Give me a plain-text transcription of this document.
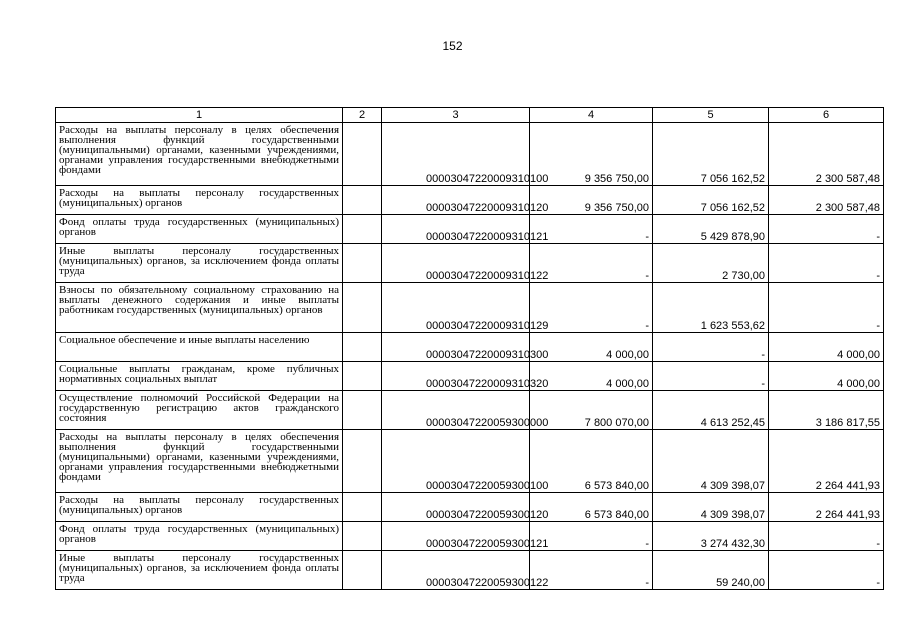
152
1	2	3	4	5	6
Расходы на выплаты персоналу в целях обеспечения выполнения функций государственными (муниципальными) органами, казенными учреждениями, органами управления государственными внебюджетными фондами		00003047220009310100	9 356 750,00	7 056 162,52	2 300 587,48
Расходы на выплаты персоналу государственных (муниципальных) органов		00003047220009310120	9 356 750,00	7 056 162,52	2 300 587,48
Фонд оплаты труда государственных (муниципальных) органов		00003047220009310121	-	5 429 878,90	-
Иные выплаты персоналу государственных (муниципальных) органов, за исключением фонда оплаты труда		00003047220009310122	-	2 730,00	-
Взносы по обязательному социальному страхованию на выплаты денежного содержания и иные выплаты работникам государственных (муниципальных) органов		00003047220009310129	-	1 623 553,62	-
Социальное обеспечение и иные выплаты населению		00003047220009310300	4 000,00	-	4 000,00
Социальные выплаты гражданам, кроме публичных нормативных социальных выплат		00003047220009310320	4 000,00	-	4 000,00
Осуществление полномочий Российской Федерации на государственную регистрацию актов гражданского состояния		00003047220059300000	7 800 070,00	4 613 252,45	3 186 817,55
Расходы на выплаты персоналу в целях обеспечения выполнения функций государственными (муниципальными) органами, казенными учреждениями, органами управления государственными внебюджетными фондами		00003047220059300100	6 573 840,00	4 309 398,07	2 264 441,93
Расходы на выплаты персоналу государственных (муниципальных) органов		00003047220059300120	6 573 840,00	4 309 398,07	2 264 441,93
Фонд оплаты труда государственных (муниципальных) органов		00003047220059300121	-	3 274 432,30	-
Иные выплаты персоналу государственных (муниципальных) органов, за исключением фонда оплаты труда		00003047220059300122	-	59 240,00	-
